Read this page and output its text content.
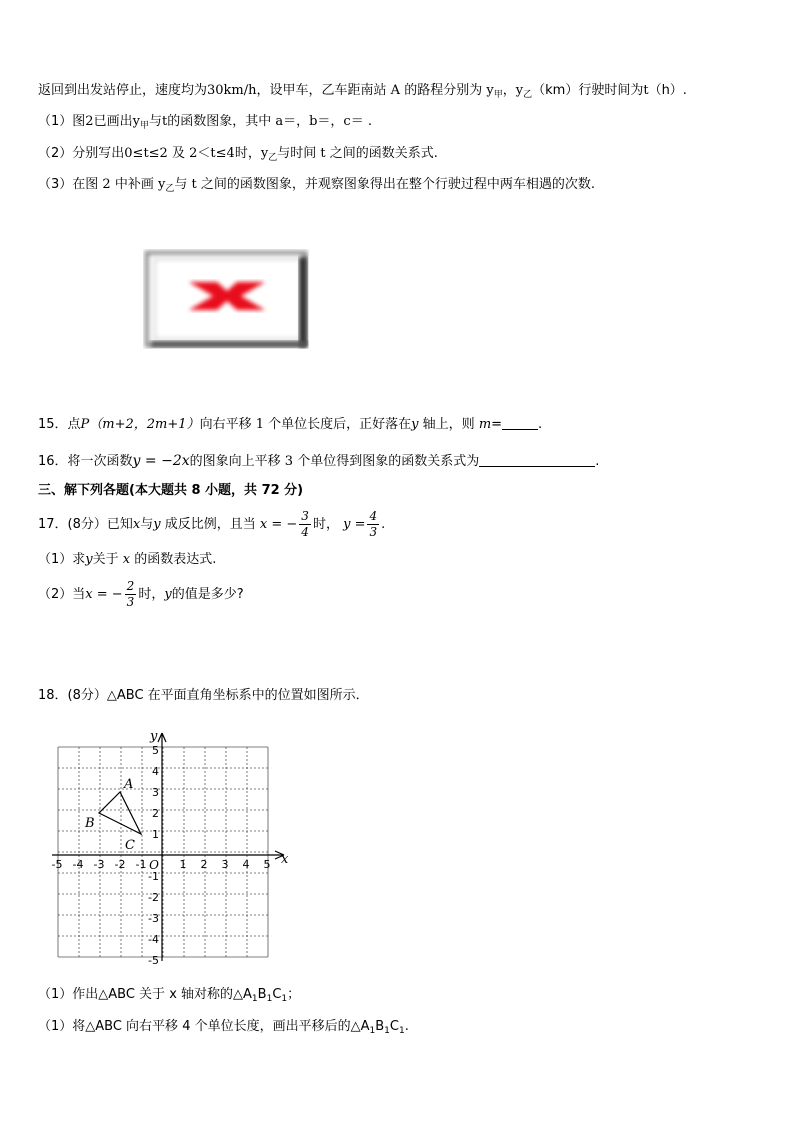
返回到出发站停止，速度均为30km/h，设甲车，乙车距南站 A 的路程分别为 $y_甲$，$y_乙(km)$行驶时间为t（h）.
（1）图2已画出$y_甲$与t的函数图象，其中 a＝，b＝，c＝ .
（2）分别写出0≤t≤2 及 2＜t≤4时，$y_乙$与时间 t 之间的函数关系式.
（3）在图 2 中补画 $y_乙$与 t 之间的函数图象，并观察图象得出在整个行驶过程中两车相遇的次数.
15．点P（m+2，2m+1）向右平移 1 个单位长度后，正好落在y 轴上，则 m=	.
16．将一次函数y = −2x的图象向上平移 3 个单位得到图象的函数关系式为	.
三、解下列各题(本大题共 8 小题，共 72 分)
17．(8分）已知x与y 成反比例，且当 x = − $\frac{3}{4}$ 时， $y = \frac{4}{3}$ .
（1）求y关于 x 的函数表达式.
（2）当x = − $\frac{2}{3}$ 时，y的值是多少?
18．(8分）△ABC 在平面直角坐标系中的位置如图所示．
x
y
-5 -4 -3 -2 -1	1 2 3 4 5
5
4
3
2
1
-1
-2
-3
-4
-5
O
A
B
C
（1）作出△ABC 关于 x 轴对称的$\triangle A_1B_1C_1$；
（1）将△ABC 向右平移 4 个单位长度，画出平移后的$\triangle A_1B_1C_1$.
